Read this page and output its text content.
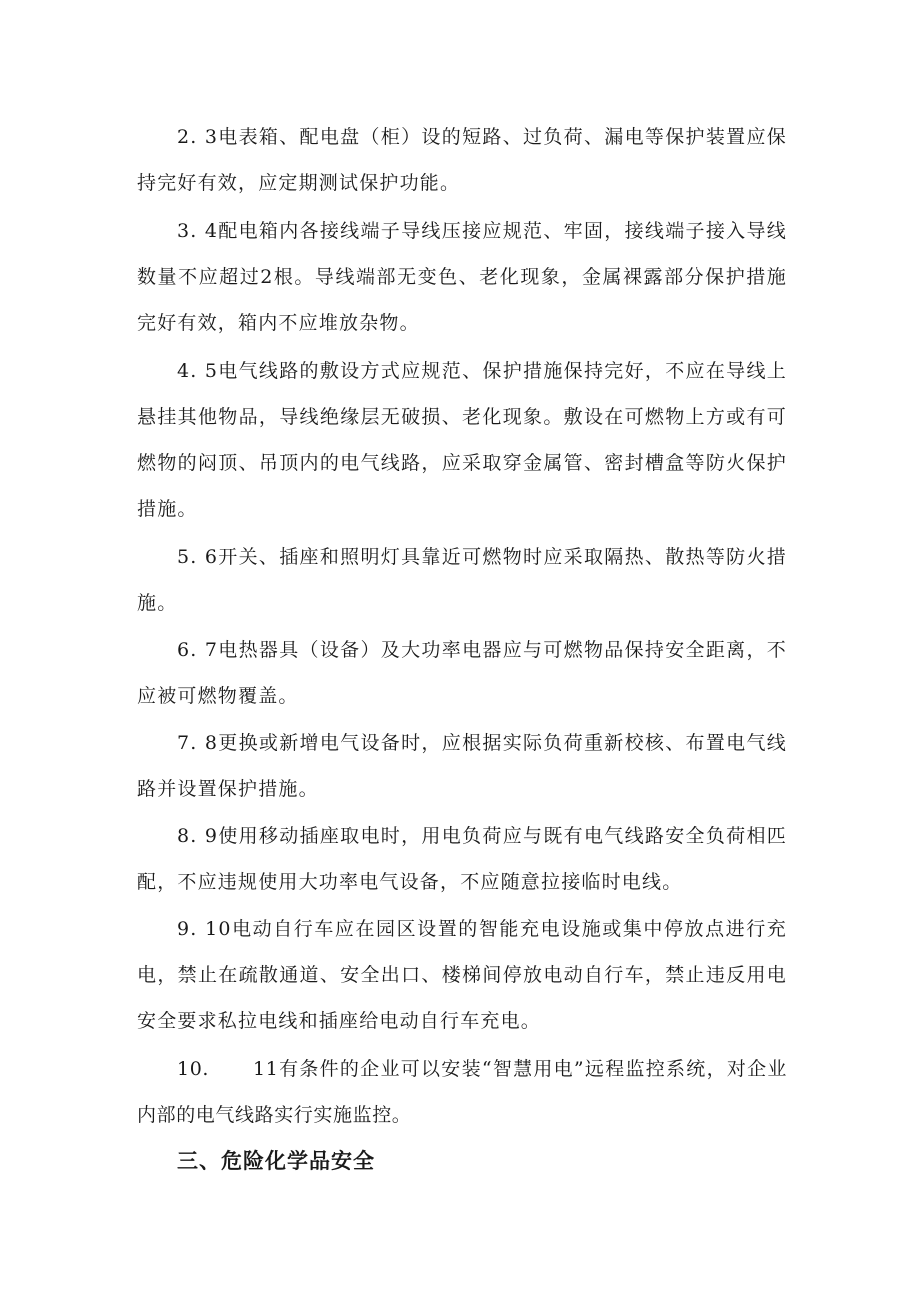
2. 3电表箱、配电盘（柜）设的短路、过负荷、漏电等保护装置应保持完好有效，应定期测试保护功能。

3. 4配电箱内各接线端子导线压接应规范、牢固，接线端子接入导线数量不应超过2根。导线端部无变色、老化现象，金属裸露部分保护措施完好有效，箱内不应堆放杂物。

4. 5电气线路的敷设方式应规范、保护措施保持完好，不应在导线上悬挂其他物品，导线绝缘层无破损、老化现象。敷设在可燃物上方或有可燃物的闷顶、吊顶内的电气线路，应采取穿金属管、密封槽盒等防火保护措施。

5. 6开关、插座和照明灯具靠近可燃物时应采取隔热、散热等防火措施。

6. 7电热器具（设备）及大功率电器应与可燃物品保持安全距离，不应被可燃物覆盖。

7. 8更换或新增电气设备时，应根据实际负荷重新校核、布置电气线路并设置保护措施。

8. 9使用移动插座取电时，用电负荷应与既有电气线路安全负荷相匹配，不应违规使用大功率电气设备，不应随意拉接临时电线。

9. 10电动自行车应在园区设置的智能充电设施或集中停放点进行充电，禁止在疏散通道、安全出口、楼梯间停放电动自行车，禁止违反用电安全要求私拉电线和插座给电动自行车充电。

10. 11有条件的企业可以安装“智慧用电”远程监控系统，对企业内部的电气线路实行实施监控。

三、危险化学品安全
